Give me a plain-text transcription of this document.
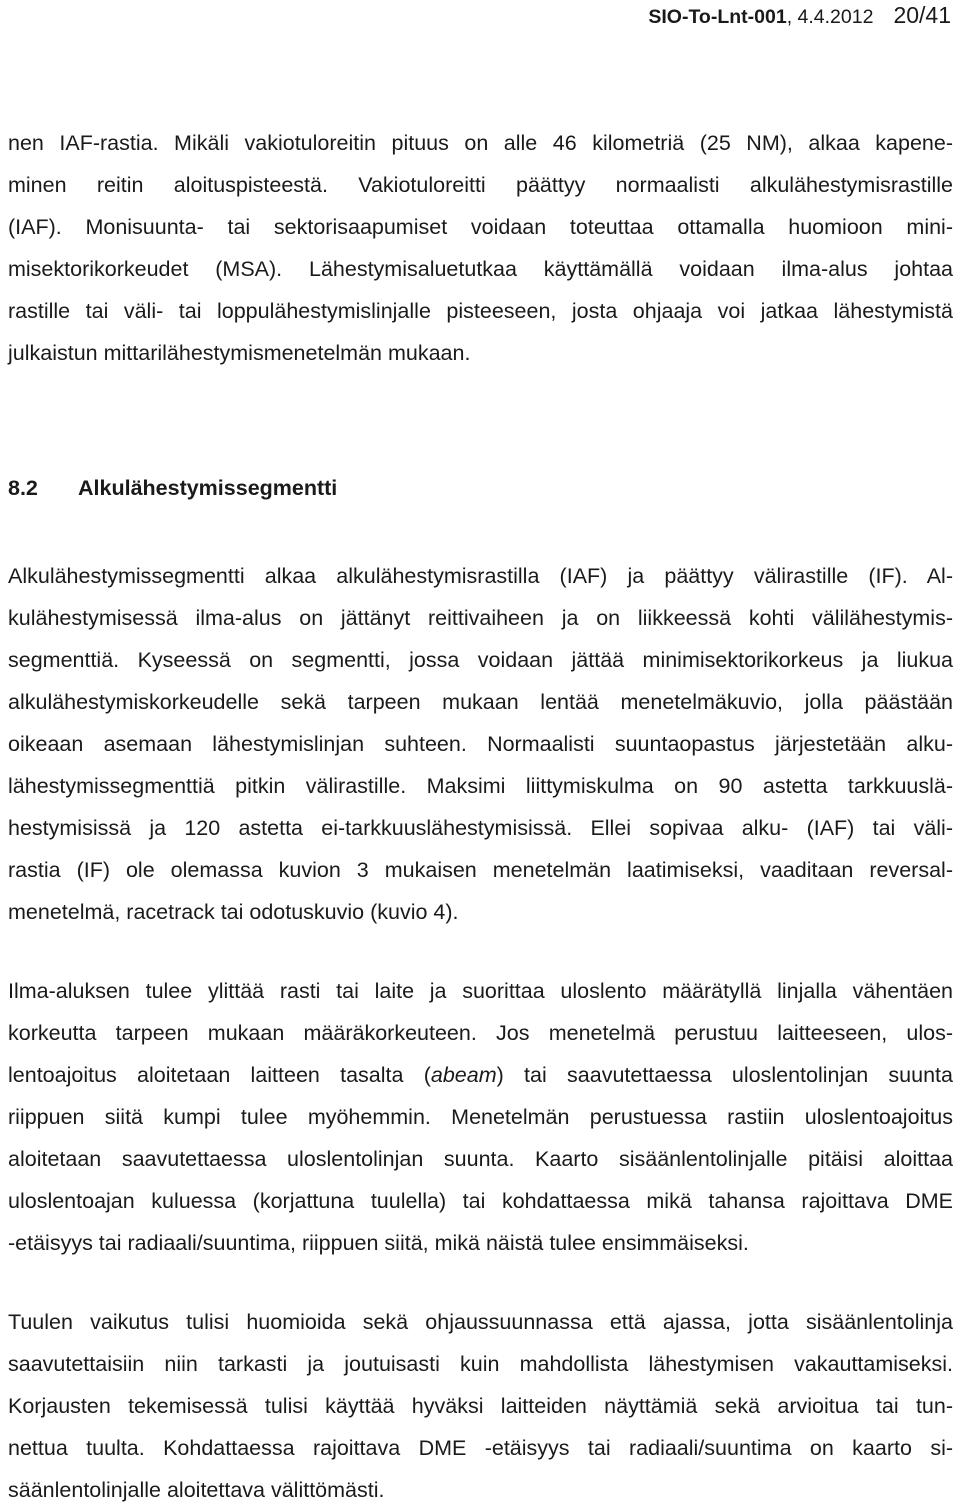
SIO-To-Lnt-001, 4.4.2012 20/41
nen IAF-rastia. Mikäli vakiotuloreitin pituus on alle 46 kilometriä (25 NM), alkaa kapene-
minen reitin aloituspisteestä. Vakiotuloreitti päättyy normaalisti alkulähestymisrastille
(IAF). Monisuunta- tai sektorisaapumiset voidaan toteuttaa ottamalla huomioon mini-
misektorikorkeudet (MSA). Lähestymisaluetutkaa käyttämällä voidaan ilma-alus johtaa
rastille tai väli- tai loppulähestymislinjalle pisteeseen, josta ohjaaja voi jatkaa lähestymistä
julkaistun mittarilähestymismenetelmän mukaan.
8.2 Alkulähestymissegmentti
Alkulähestymissegmentti alkaa alkulähestymisrastilla (IAF) ja päättyy välirastille (IF). Al-
kulähestymisessä ilma-alus on jättänyt reittivaiheen ja on liikkeessä kohti välilähestymis-
segmenttiä. Kyseessä on segmentti, jossa voidaan jättää minimisektorikorkeus ja liukua
alkulähestymiskorkeudelle sekä tarpeen mukaan lentää menetelmäkuvio, jolla päästään
oikeaan asemaan lähestymislinjan suhteen. Normaalisti suuntaopastus järjestetään alku-
lähestymissegmenttiä pitkin välirastille. Maksimi liittymiskulma on 90 astetta tarkkuuslä-
hestymisissä ja 120 astetta ei-tarkkuuslähestymisissä. Ellei sopivaa alku- (IAF) tai väli-
rastia (IF) ole olemassa kuvion 3 mukaisen menetelmän laatimiseksi, vaaditaan reversal-
menetelmä, racetrack tai odotuskuvio (kuvio 4).
Ilma-aluksen tulee ylittää rasti tai laite ja suorittaa uloslento määrätyllä linjalla vähentäen
korkeutta tarpeen mukaan määräkorkeuteen. Jos menetelmä perustuu laitteeseen, ulos-
lentoajoitus aloitetaan laitteen tasalta (abeam) tai saavutettaessa uloslentolinjan suunta
riippuen siitä kumpi tulee myöhemmin. Menetelmän perustuessa rastiin uloslentoajoitus
aloitetaan saavutettaessa uloslentolinjan suunta. Kaarto sisäänlentolinjalle pitäisi aloittaa
uloslentoajan kuluessa (korjattuna tuulella) tai kohdattaessa mikä tahansa rajoittava DME
-etäisyys tai radiaali/suuntima, riippuen siitä, mikä näistä tulee ensimmäiseksi.
Tuulen vaikutus tulisi huomioida sekä ohjaussuunnassa että ajassa, jotta sisäänlentolinja
saavutettaisiin niin tarkasti ja joutuisasti kuin mahdollista lähestymisen vakauttamiseksi.
Korjausten tekemisessä tulisi käyttää hyväksi laitteiden näyttämiä sekä arvioitua tai tun-
nettua tuulta. Kohdattaessa rajoittava DME -etäisyys tai radiaali/suuntima on kaarto si-
säänlentolinjalle aloitettava välittömästi.
